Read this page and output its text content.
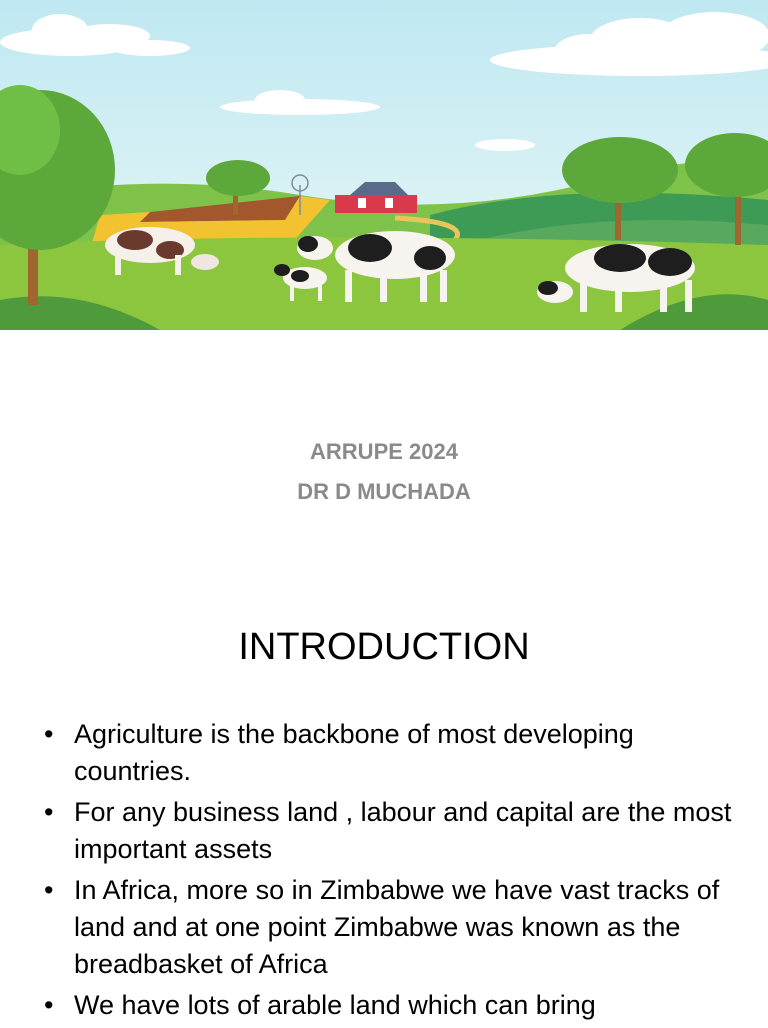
ARRUPE 2024
DR D MUCHADA
INTRODUCTION
• Agriculture is the backbone of most developing countries.
• For any business land , labour and capital are the most important assets
• In Africa, more so in Zimbabwe we have vast tracks of land and at one point Zimbabwe was known as the breadbasket of Africa
• We have lots of arable land which can bring
